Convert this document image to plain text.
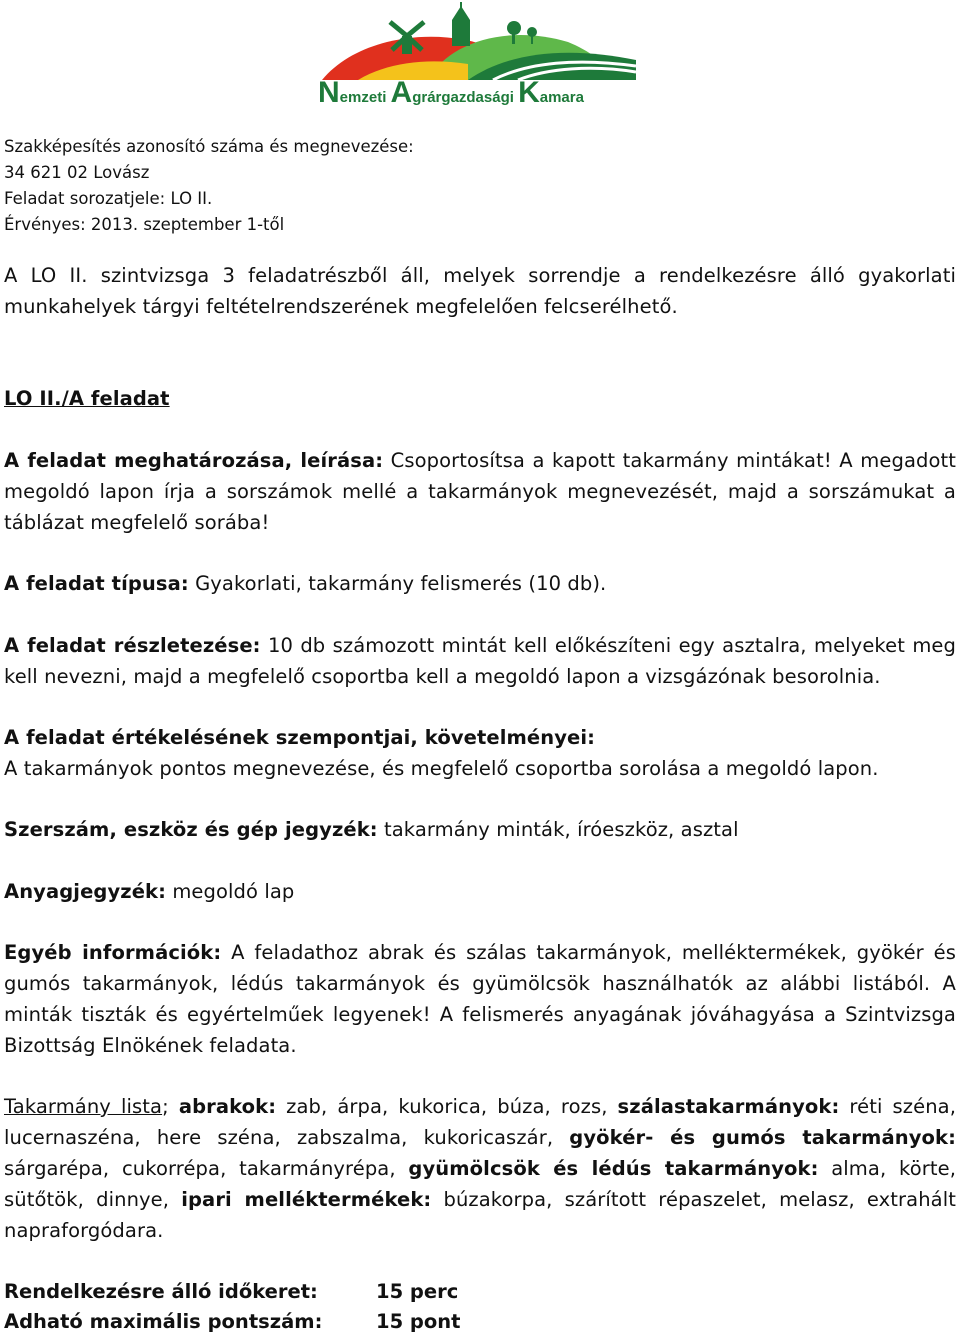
Nemzeti Agrárgazdasági Kamara
Szakképesítés azonosító száma és megnevezése:
34 621 02 Lovász
Feladat sorozatjele: LO II.
Érvényes: 2013. szeptember 1-től

A LO II. szintvizsga 3 feladatrészből áll, melyek sorrendje a rendelkezésre álló gyakorlati munkahelyek tárgyi feltételrendszerének megfelelően felcserélhető.

LO II./A feladat

A feladat meghatározása, leírása: Csoportosítsa a kapott takarmány mintákat! A megadott megoldó lapon írja a sorszámok mellé a takarmányok megnevezését, majd a sorszámukat a táblázat megfelelő sorába!

A feladat típusa: Gyakorlati, takarmány felismerés (10 db).

A feladat részletezése: 10 db számozott mintát kell előkészíteni egy asztalra, melyeket meg kell nevezni, majd a megfelelő csoportba kell a megoldó lapon a vizsgázónak besorolnia.

A feladat értékelésének szempontjai, követelményei:
A takarmányok pontos megnevezése, és megfelelő csoportba sorolása a megoldó lapon.

Szerszám, eszköz és gép jegyzék: takarmány minták, íróeszköz, asztal

Anyagjegyzék: megoldó lap

Egyéb információk: A feladathoz abrak és szálas takarmányok, melléktermékek, gyökér és gumós takarmányok, lédús takarmányok és gyümölcsök használhatók az alábbi listából. A minták tiszták és egyértelműek legyenek! A felismerés anyagának jóváhagyása a Szintvizsga Bizottság Elnökének feladata.

Takarmány lista; abrakok: zab, árpa, kukorica, búza, rozs, szálastakarmányok: réti széna, lucernaszéna, here széna, zabszalma, kukoricaszár, gyökér- és gumós takarmányok: sárgarépa, cukorrépa, takarmányrépa, gyümölcsök és lédús takarmányok: alma, körte, sütőtök, dinnye, ipari melléktermékek: búzakorpa, szárított répaszelet, melasz, extrahált napraforgódara.

Rendelkezésre álló időkeret:	15 perc
Adható maximális pontszám:	15 pont
